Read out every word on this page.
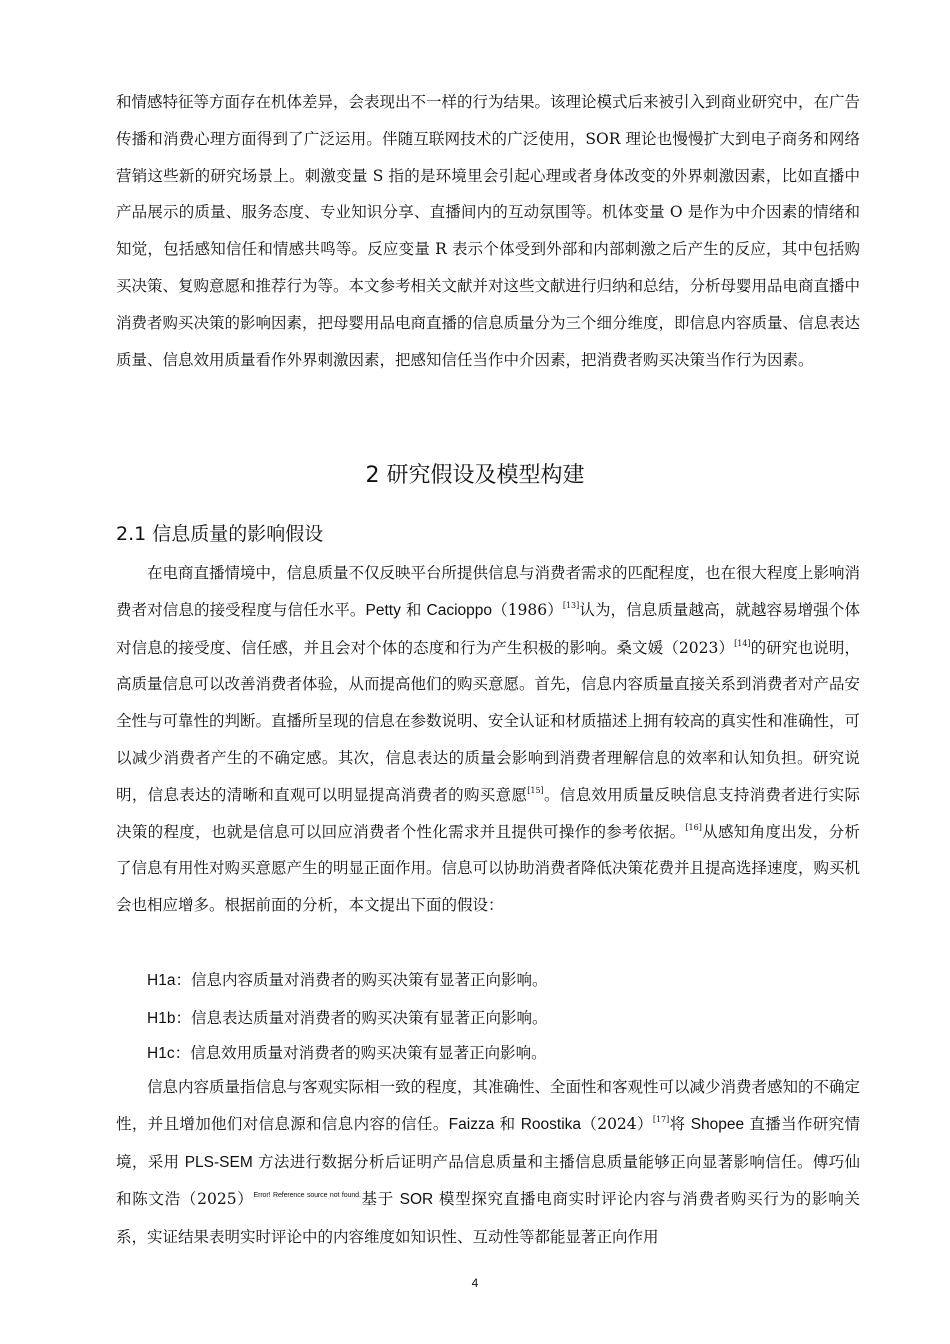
和情感特征等方面存在机体差异，会表现出不一样的行为结果。该理论模式后来被引入到商业研究中，在广告传播和消费心理方面得到了广泛运用。伴随互联网技术的广泛使用，SOR 理论也慢慢扩大到电子商务和网络营销这些新的研究场景上。刺激变量 S 指的是环境里会引起心理或者身体改变的外界刺激因素，比如直播中产品展示的质量、服务态度、专业知识分享、直播间内的互动氛围等。机体变量 O 是作为中介因素的情绪和知觉，包括感知信任和情感共鸣等。反应变量 R 表示个体受到外部和内部刺激之后产生的反应，其中包括购买决策、复购意愿和推荐行为等。本文参考相关文献并对这些文献进行归纳和总结，分析母婴用品电商直播中消费者购买决策的影响因素，把母婴用品电商直播的信息质量分为三个细分维度，即信息内容质量、信息表达质量、信息效用质量看作外界刺激因素，把感知信任当作中介因素，把消费者购买决策当作行为因素。
2 研究假设及模型构建
2.1 信息质量的影响假设
在电商直播情境中，信息质量不仅反映平台所提供信息与消费者需求的匹配程度，也在很大程度上影响消费者对信息的接受程度与信任水平。Petty 和 Cacioppo（1986）[13]认为，信息质量越高，就越容易增强个体对信息的接受度、信任感，并且会对个体的态度和行为产生积极的影响。桑文媛（2023）[14]的研究也说明，高质量信息可以改善消费者体验，从而提高他们的购买意愿。首先，信息内容质量直接关系到消费者对产品安全性与可靠性的判断。直播所呈现的信息在参数说明、安全认证和材质描述上拥有较高的真实性和准确性，可以减少消费者产生的不确定感。其次，信息表达的质量会影响到消费者理解信息的效率和认知负担。研究说明，信息表达的清晰和直观可以明显提高消费者的购买意愿[15]。信息效用质量反映信息支持消费者进行实际决策的程度，也就是信息可以回应消费者个性化需求并且提供可操作的参考依据。[16]从感知角度出发，分析了信息有用性对购买意愿产生的明显正面作用。信息可以协助消费者降低决策花费并且提高选择速度，购买机会也相应增多。根据前面的分析，本文提出下面的假设：
H1a：信息内容质量对消费者的购买决策有显著正向影响。
H1b：信息表达质量对消费者的购买决策有显著正向影响。
H1c：信息效用质量对消费者的购买决策有显著正向影响。
信息内容质量指信息与客观实际相一致的程度，其准确性、全面性和客观性可以减少消费者感知的不确定性，并且增加他们对信息源和信息内容的信任。Faizza 和 Roostika（2024）[17]将 Shopee 直播当作研究情境，采用 PLS-SEM 方法进行数据分析后证明产品信息质量和主播信息质量能够正向显著影响信任。傅巧仙和陈文浩$(2025)^{Error! Reference source not found.}$基于 SOR 模型探究直播电商实时评论内容与消费者购买行为的影响关系，实证结果表明实时评论中的内容维度如知识性、互动性等都能显著正向作用
4
